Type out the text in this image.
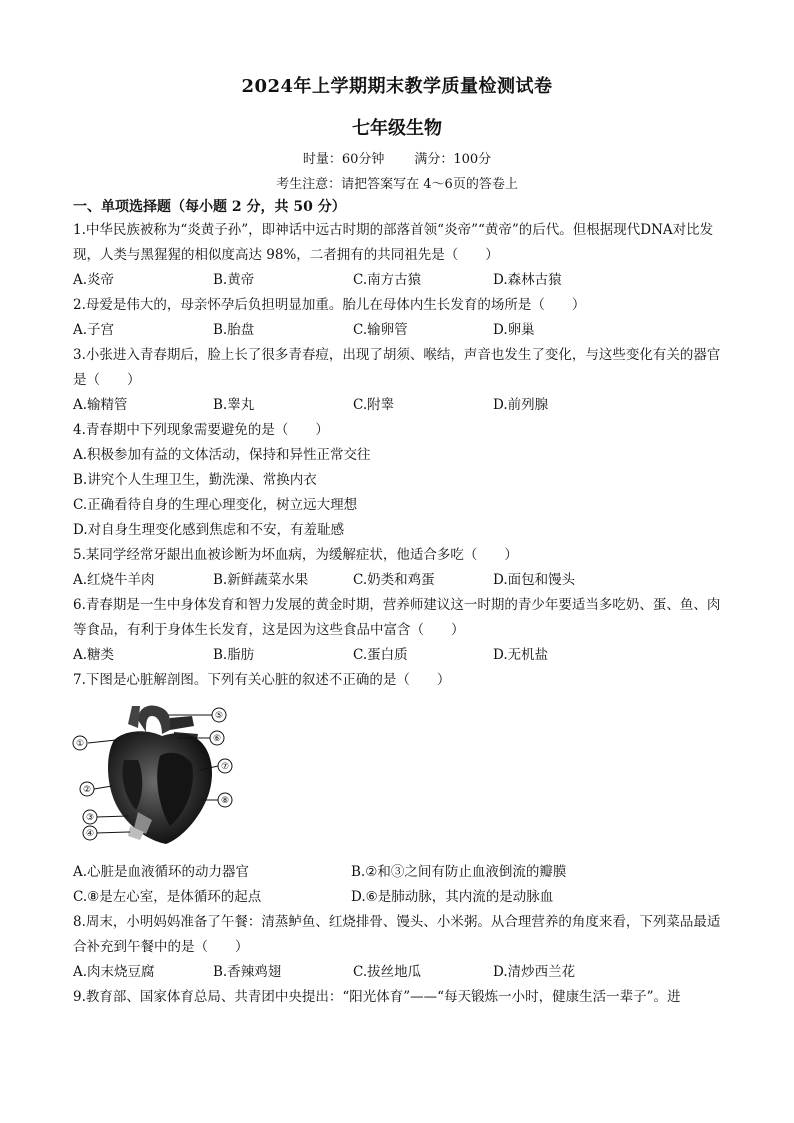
2024年上学期期末教学质量检测试卷
七年级生物
时量：60分钟 满分：100分
考生注意：请把答案写在 4～6页的答卷上
一、单项选择题（每小题 2 分，共 50 分）
1.中华民族被称为“炎黄子孙”，即神话中远古时期的部落首领“炎帝”“黄帝”的后代。但根据现代DNA对比发现，人类与黑猩猩的相似度高达 98%，二者拥有的共同祖先是（　　）
A.炎帝	B.黄帝	C.南方古猿	D.森林古猿
2.母爱是伟大的，母亲怀孕后负担明显加重。胎儿在母体内生长发育的场所是（　　）
A.子宫	B.胎盘	C.输卵管	D.卵巢
3.小张进入青春期后，脸上长了很多青春痘，出现了胡须、喉结，声音也发生了变化，与这些变化有关的器官是（　　）
A.输精管	B.睾丸	C.附睾	D.前列腺
4.青春期中下列现象需要避免的是（　　）
A.积极参加有益的文体活动，保持和异性正常交往
B.讲究个人生理卫生，勤洗澡、常换内衣
C.正确看待自身的生理心理变化，树立远大理想
D.对自身生理变化感到焦虑和不安，有羞耻感
5.某同学经常牙龈出血被诊断为坏血病，为缓解症状，他适合多吃（　　）
A.红烧牛羊肉	B.新鲜蔬菜水果	C.奶类和鸡蛋	D.面包和馒头
6.青春期是一生中身体发育和智力发展的黄金时期，营养师建议这一时期的青少年要适当多吃奶、蛋、鱼、肉等食品，有利于身体生长发育，这是因为这些食品中富含（　　）
A.糖类	B.脂肪	C.蛋白质	D.无机盐
7.下图是心脏解剖图。下列有关心脏的叙述不正确的是（　　）
①
②
③
④
⑤
⑥
⑦
⑧
A.心脏是血液循环的动力器官	B.②和③之间有防止血液倒流的瓣膜
C.⑧是左心室，是体循环的起点	D.⑥是肺动脉，其内流的是动脉血
8.周末，小明妈妈准备了午餐：清蒸鲈鱼、红烧排骨、馒头、小米粥。从合理营养的角度来看，下列菜品最适合补充到午餐中的是（　　）
A.肉末烧豆腐	B.香辣鸡翅	C.拔丝地瓜	D.清炒西兰花
9.教育部、国家体育总局、共青团中央提出：“阳光体育”——“每天锻炼一小时，健康生活一辈子”。进
